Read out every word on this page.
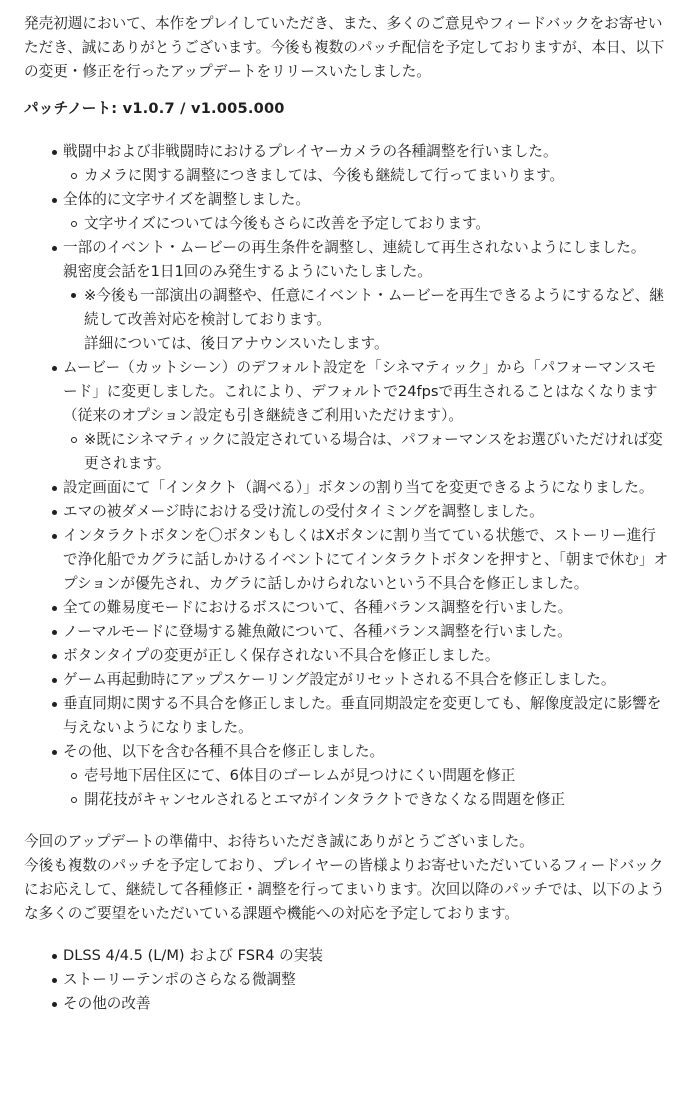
発売初週において、本作をプレイしていただき、また、多くのご意見やフィードバックをお寄せいただき、誠にありがとうございます。今後も複数のパッチ配信を予定しておりますが、本日、以下の変更・修正を行ったアップデートをリリースいたしました。

パッチノート: v1.0.7 / v1.005.000

戦闘中および非戦闘時におけるプレイヤーカメラの各種調整を行いました。
カメラに関する調整につきましては、今後も継続して行ってまいります。
全体的に文字サイズを調整しました。
文字サイズについては今後もさらに改善を予定しております。
一部のイベント・ムービーの再生条件を調整し、連続して再生されないようにしました。
親密度会話を1日1回のみ発生するようにいたしました。
※今後も一部演出の調整や、任意にイベント・ムービーを再生できるようにするなど、継続して改善対応を検討しております。
詳細については、後日アナウンスいたします。
ムービー（カットシーン）のデフォルト設定を「シネマティック」から「パフォーマンスモード」に変更しました。これにより、デフォルトで24fpsで再生されることはなくなります（従来のオプション設定も引き継続きご利用いただけます）。
※既にシネマティックに設定されている場合は、パフォーマンスをお選びいただければ変更されます。
設定画面にて「インタクト（調べる）」ボタンの割り当てを変更できるようになりました。
エマの被ダメージ時における受け流しの受付タイミングを調整しました。
インタラクトボタンを〇ボタンもしくはXボタンに割り当てている状態で、ストーリー進行で浄化船でカグラに話しかけるイベントにてインタラクトボタンを押すと、「朝まで休む」オプションが優先され、カグラに話しかけられないという不具合を修正しました。
全ての難易度モードにおけるボスについて、各種バランス調整を行いました。
ノーマルモードに登場する雑魚敵について、各種バランス調整を行いました。
ボタンタイプの変更が正しく保存されない不具合を修正しました。
ゲーム再起動時にアップスケーリング設定がリセットされる不具合を修正しました。
垂直同期に関する不具合を修正しました。垂直同期設定を変更しても、解像度設定に影響を与えないようになりました。
その他、以下を含む各種不具合を修正しました。
壱号地下居住区にて、6体目のゴーレムが見つけにくい問題を修正
開花技がキャンセルされるとエマがインタラクトできなくなる問題を修正

今回のアップデートの準備中、お待ちいただき誠にありがとうございました。

今後も複数のパッチを予定しており、プレイヤーの皆様よりお寄せいただいているフィードバックにお応えして、継続して各種修正・調整を行ってまいります。次回以降のパッチでは、以下のような多くのご要望をいただいている課題や機能への対応を予定しております。

DLSS 4/4.5 (L/M) および FSR4 の実装
ストーリーテンポのさらなる微調整
その他の改善
